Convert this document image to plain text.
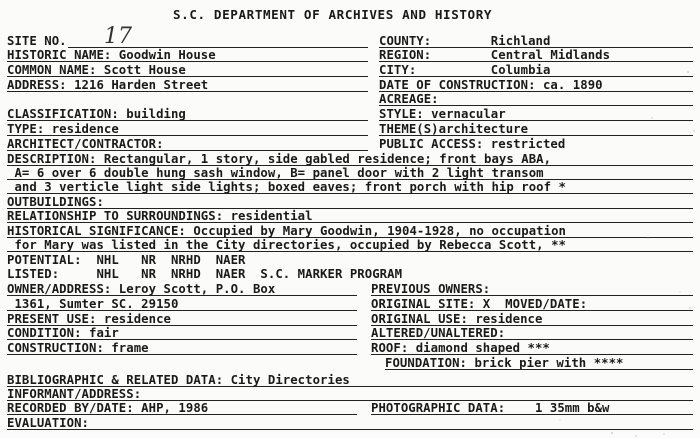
S.C. DEPARTMENT OF ARCHIVES AND HISTORY
SITE NO. 17
HISTORIC NAME: Goodwin House
COMMON NAME: Scott House
ADDRESS: 1216 Harden Street
CLASSIFICATION: building
TYPE: residence
ARCHITECT/CONTRACTOR:
DESCRIPTION: Rectangular, 1 story, side gabled residence; front bays ABA,
A= 6 over 6 double hung sash window, B= panel door with 2 light transom
and 3 verticle light side lights; boxed eaves; front porch with hip roof *
OUTBUILDINGS:
RELATIONSHIP TO SURROUNDINGS: residential
HISTORICAL SIGNIFICANCE: Occupied by Mary Goodwin, 1904-1928, no occupation
for Mary was listed in the City directories, occupied by Rebecca Scott, **
POTENTIAL:  NHL   NR  NRHD  NAER
LISTED:     NHL   NR  NRHD  NAER  S.C. MARKER PROGRAM
OWNER/ADDRESS: Leroy Scott, P.O. Box
1361, Sumter SC. 29150
PRESENT USE: residence
CONDITION: fair
CONSTRUCTION: frame
BIBLIOGRAPHIC & RELATED DATA: City Directories
INFORMANT/ADDRESS:
RECORDED BY/DATE: AHP, 1986
EVALUATION:
COUNTY:        Richland
REGION:        Central Midlands
CITY:          Columbia
DATE OF CONSTRUCTION: ca. 1890
ACREAGE:
STYLE: vernacular
THEME(S)architecture
PUBLIC ACCESS: restricted
PREVIOUS OWNERS:
ORIGINAL SITE: X  MOVED/DATE:
ORIGINAL USE: residence
ALTERED/UNALTERED:
ROOF: diamond shaped ***
FOUNDATION: brick pier with ****
PHOTOGRAPHIC DATA:    1 35mm b&w
